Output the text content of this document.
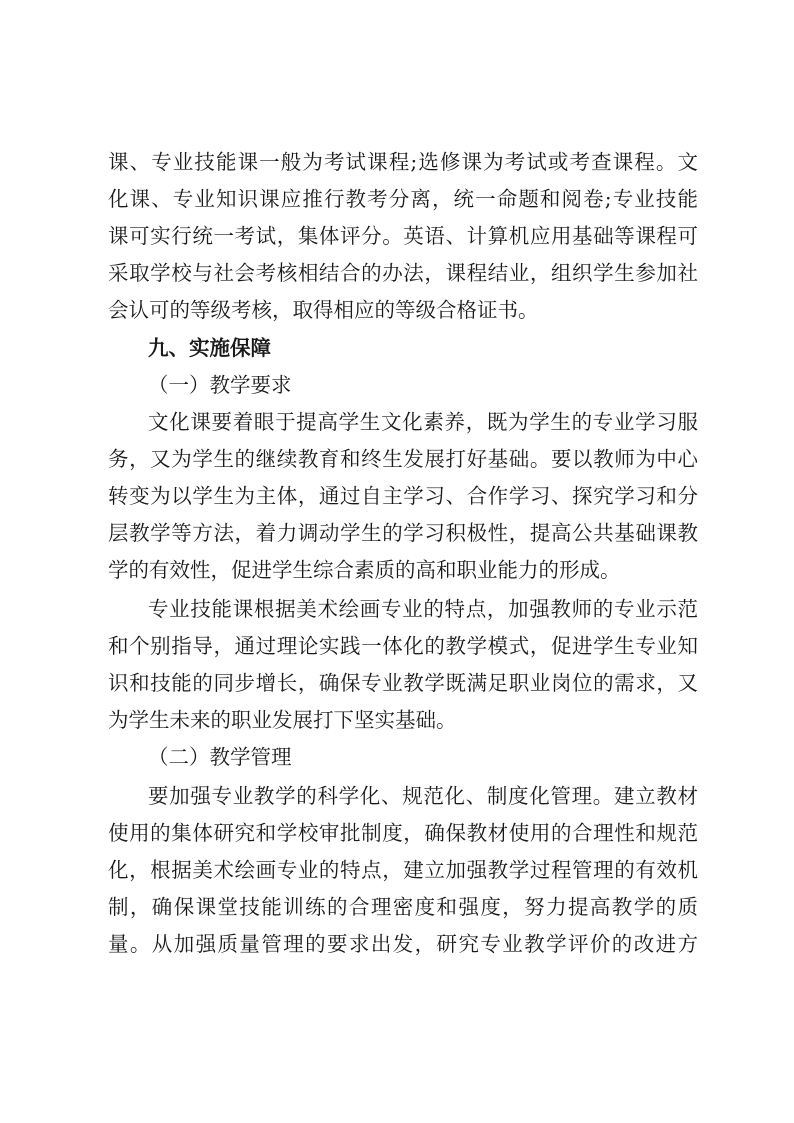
课、专业技能课一般为考试课程;选修课为考试或考查课程。文
化课、专业知识课应推行教考分离，统一命题和阅卷;专业技能
课可实行统一考试，集体评分。英语、计算机应用基础等课程可
采取学校与社会考核相结合的办法，课程结业，组织学生参加社
会认可的等级考核，取得相应的等级合格证书。
九、实施保障
（一）教学要求
文化课要着眼于提高学生文化素养，既为学生的专业学习服
务，又为学生的继续教育和终生发展打好基础。要以教师为中心
转变为以学生为主体，通过自主学习、合作学习、探究学习和分
层教学等方法，着力调动学生的学习积极性，提高公共基础课教
学的有效性，促进学生综合素质的高和职业能力的形成。
专业技能课根据美术绘画专业的特点，加强教师的专业示范
和个别指导，通过理论实践一体化的教学模式，促进学生专业知
识和技能的同步增长，确保专业教学既满足职业岗位的需求，又
为学生未来的职业发展打下坚实基础。
（二）教学管理
要加强专业教学的科学化、规范化、制度化管理。建立教材
使用的集体研究和学校审批制度，确保教材使用的合理性和规范
化，根据美术绘画专业的特点，建立加强教学过程管理的有效机
制，确保课堂技能训练的合理密度和强度，努力提高教学的质
量。从加强质量管理的要求出发，研究专业教学评价的改进方
